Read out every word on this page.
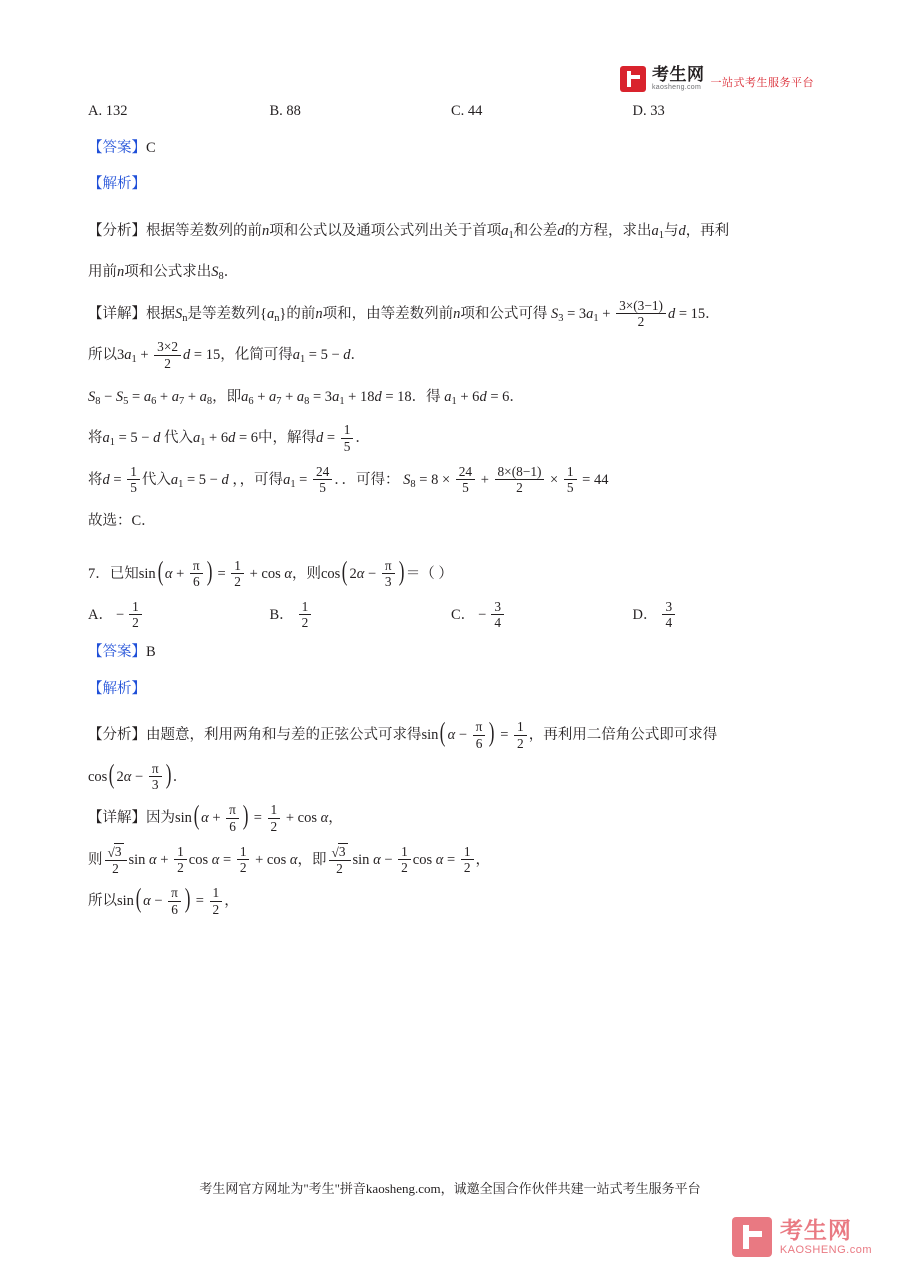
考生网
kaosheng.com 一站式考生服务平台
A. 132	B. 88	C. 44	D. 33
【答案】C
【解析】
【分析】根据等差数列的前n项和公式以及通项公式列出关于首项$a_1$和公差d的方程，求出$a_1$与d，再利
用前n项和公式求出$S_8$．
【详解】根据$S_n$是等差数列$\{a_n\}$的前n项和，由等差数列前n项和公式可得 $S_3 = 3a_1 + \frac{3\times(3-1)}{2}$ d = 15．
所以$3a_1 + \frac{3\times 2}{2}$ d = 15，化简可得$a_1 = 5 - d$．
$S_8 - S_5 = a_6 + a_7 + a_8$，即$a_6 + a_7 + a_8 = 3a_1 + 18d = 18$．得 $a_1 + 6d = 6$．
将$a_1 = 5 - d$ 代入$a_1 + 6d = 6$中，解得$d = \frac{1}{5}$ ．
将$d = \frac{1}{5}$ 代入$a_1 = 5 - d$ ，，可得$a_1 = \frac{24}{5}$ ．．可得： $S_8 = 8 \times \frac{24}{5} + \frac{8\times(8-1)}{2} \times \frac{1}{5} = 44$
故选：C．
7．已知sin( $\alpha + \frac{\pi}{6}$ ) = $\frac{1}{2} + \cos \alpha$，则cos( $2\alpha - \frac{\pi}{3}$ ) ＝（ ）
A． − $\frac{1}{2}$	B． $\frac{1}{2}$	C． − $\frac{3}{4}$	D． $\frac{3}{4}$
【答案】B
【解析】
【分析】由题意，利用两角和与差的正弦公式可求得sin( $\alpha - \frac{\pi}{6}$ ) = $\frac{1}{2}$ ，再利用二倍角公式即可求得
cos( $2\alpha - \frac{\pi}{3}$ ) ．
【详解】因为sin( $\alpha + \frac{\pi}{6}$ ) = $\frac{1}{2} + \cos \alpha$，
则 $\frac{√3}{2}$ $\sin \alpha + \frac{1}{2}$ $\cos \alpha = \frac{1}{2} + \cos \alpha$，即 $\frac{√3}{2}$ $\sin \alpha - \frac{1}{2}$ $\cos \alpha = \frac{1}{2}$ ，
所以sin( $\alpha - \frac{\pi}{6}$ ) = $\frac{1}{2}$ ，
考生网官方网址为"考生"拼音kaosheng.com，诚邀全国合作伙伴共建一站式考生服务平台
考生网
KAOSHENG.com
